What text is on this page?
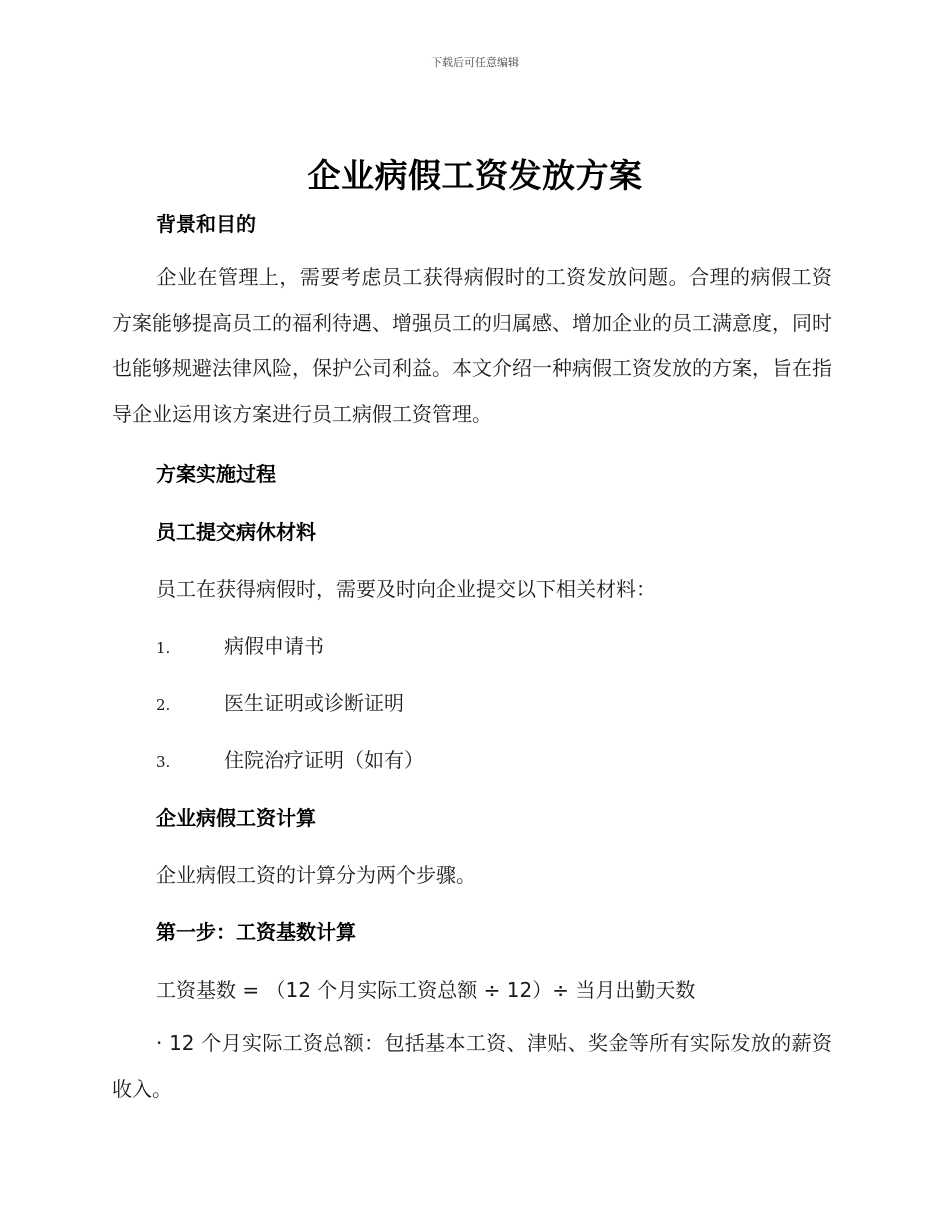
下载后可任意编辑
企业病假工资发放方案
背景和目的
企业在管理上，需要考虑员工获得病假时的工资发放问题。合理的病假工资方案能够提高员工的福利待遇、增强员工的归属感、增加企业的员工满意度，同时也能够规避法律风险，保护公司利益。本文介绍一种病假工资发放的方案，旨在指导企业运用该方案进行员工病假工资管理。
方案实施过程
员工提交病休材料
员工在获得病假时，需要及时向企业提交以下相关材料：
1.	病假申请书
2.	医生证明或诊断证明
3.	住院治疗证明（如有）
企业病假工资计算
企业病假工资的计算分为两个步骤。
第一步：工资基数计算
工资基数 = （12 个月实际工资总额 ÷ 12）÷ 当月出勤天数
· 12 个月实际工资总额：包括基本工资、津贴、奖金等所有实际发放的薪资收入。
